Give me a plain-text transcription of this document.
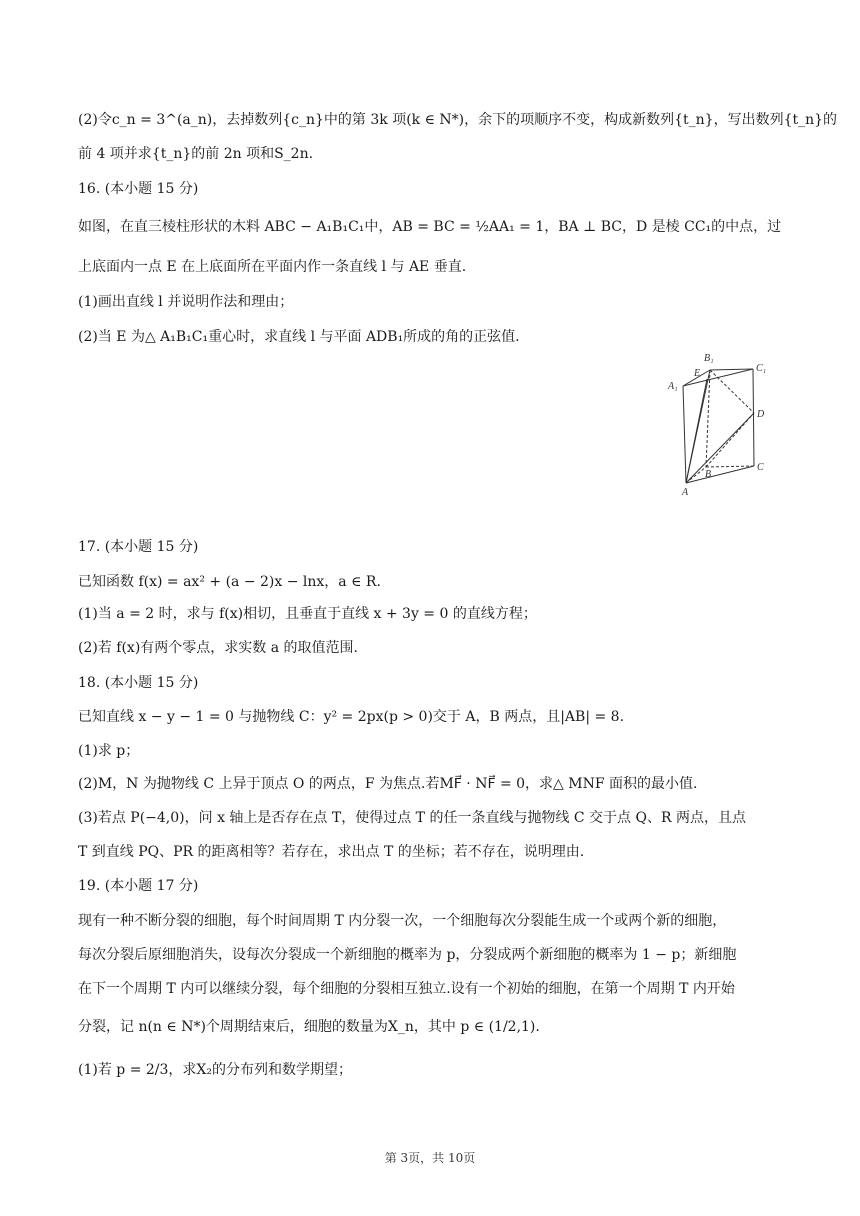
(2)令c_n = 3^(a_n)，去掉数列{c_n}中的第 3k 项(k ∈ N*)，余下的项顺序不变，构成新数列{t_n}，写出数列{t_n}的
前 4 项并求{t_n}的前 2n 项和S_2n.
16. (本小题 15 分)
如图，在直三棱柱形状的木料 ABC − A₁B₁C₁中，AB = BC = ½AA₁ = 1，BA ⊥ BC，D 是棱 CC₁的中点，过
上底面内一点 E 在上底面所在平面内作一条直线 l 与 AE 垂直.
(1)画出直线 l 并说明作法和理由；
(2)当 E 为△ A₁B₁C₁重心时，求直线 l 与平面 ADB₁所成的角的正弦值.
A₁
B₁
C₁
E
D
B
C
A
17. (本小题 15 分)
已知函数 f(x) = ax² + (a − 2)x − lnx，a ∈ R.
(1)当 a = 2 时，求与 f(x)相切，且垂直于直线 x + 3y = 0 的直线方程；
(2)若 f(x)有两个零点，求实数 a 的取值范围.
18. (本小题 15 分)
已知直线 x − y − 1 = 0 与抛物线 C：y² = 2px(p > 0)交于 A，B 两点，且|AB| = 8.
(1)求 p；
(2)M，N 为抛物线 C 上异于顶点 O 的两点，F 为焦点.若MF⃗ · NF⃗ = 0，求△ MNF 面积的最小值.
(3)若点 P(−4,0)，问 x 轴上是否存在点 T，使得过点 T 的任一条直线与抛物线 C 交于点 Q、R 两点，且点
T 到直线 PQ、PR 的距离相等？若存在，求出点 T 的坐标；若不存在，说明理由.
19. (本小题 17 分)
现有一种不断分裂的细胞，每个时间周期 T 内分裂一次，一个细胞每次分裂能生成一个或两个新的细胞，
每次分裂后原细胞消失，设每次分裂成一个新细胞的概率为 p，分裂成两个新细胞的概率为 1 − p；新细胞
在下一个周期 T 内可以继续分裂，每个细胞的分裂相互独立.设有一个初始的细胞，在第一个周期 T 内开始
分裂，记 n(n ∈ N*)个周期结束后，细胞的数量为X_n，其中 p ∈ (1/2,1).
(1)若 p = 2/3，求X₂的分布列和数学期望；
第 3页，共 10页
